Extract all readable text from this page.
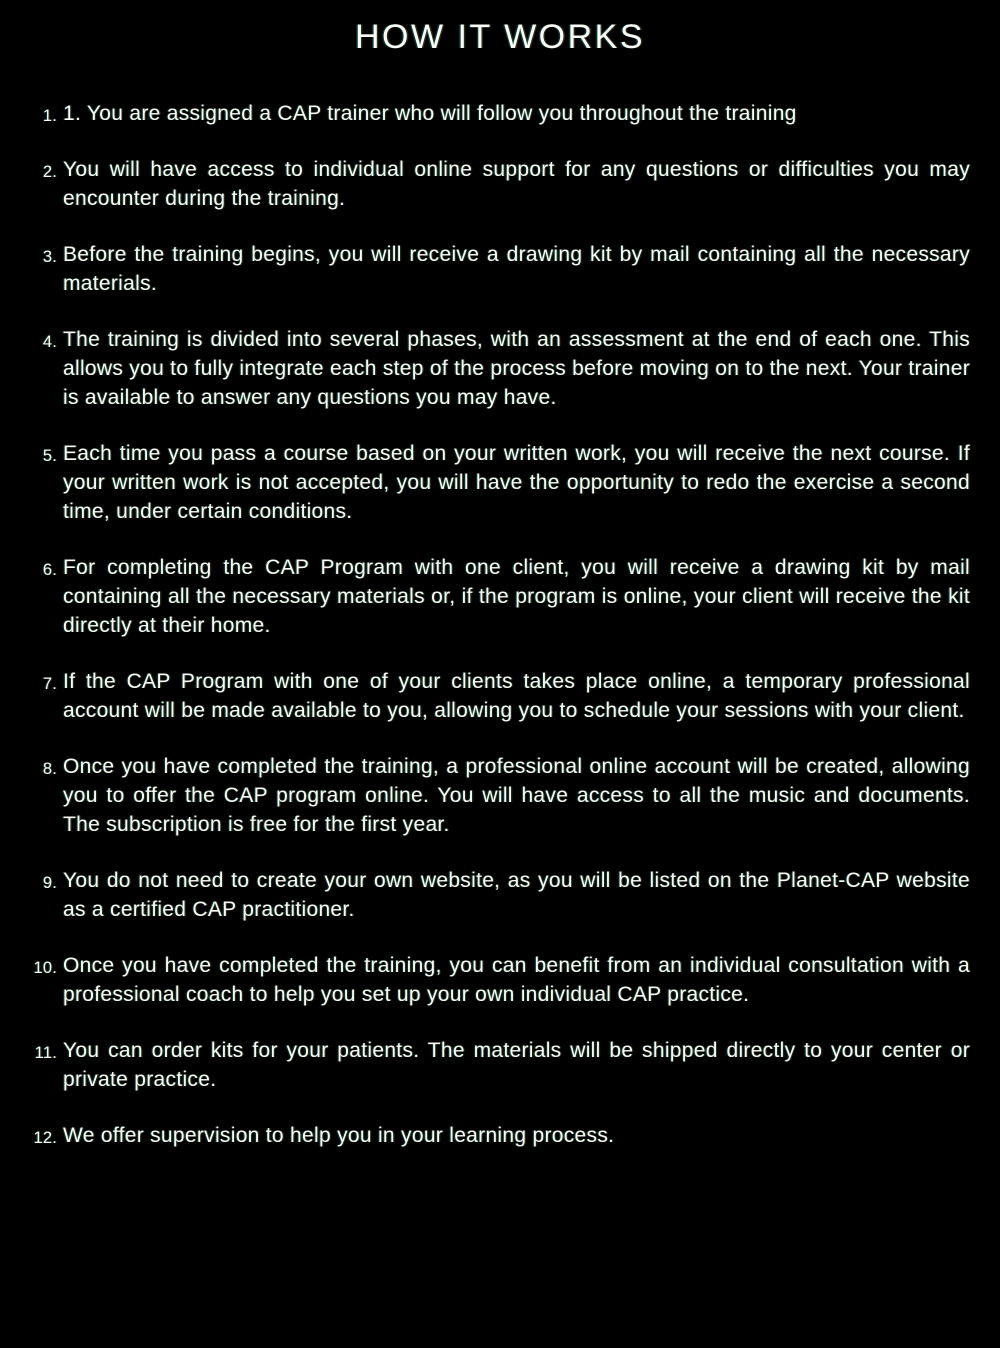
HOW IT WORKS
1. 1. You are assigned a CAP trainer who will follow you throughout the training
2. You will have access to individual online support for any questions or difficulties you may encounter during the training.
3. Before the training begins, you will receive a drawing kit by mail containing all the necessary materials.
4. The training is divided into several phases, with an assessment at the end of each one. This allows you to fully integrate each step of the process before moving on to the next. Your trainer is available to answer any questions you may have.
5. Each time you pass a course based on your written work, you will receive the next course. If your written work is not accepted, you will have the opportunity to redo the exercise a second time, under certain conditions.
6. For completing the CAP Program with one client, you will receive a drawing kit by mail containing all the necessary materials or, if the program is online, your client will receive the kit directly at their home.
7. If the CAP Program with one of your clients takes place online, a temporary professional account will be made available to you, allowing you to schedule your sessions with your client.
8. Once you have completed the training, a professional online account will be created, allowing you to offer the CAP program online. You will have access to all the music and documents. The subscription is free for the first year.
9. You do not need to create your own website, as you will be listed on the Planet-CAP website as a certified CAP practitioner.
10. Once you have completed the training, you can benefit from an individual consultation with a professional coach to help you set up your own individual CAP practice.
11. You can order kits for your patients. The materials will be shipped directly to your center or private practice.
12. We offer supervision to help you in your learning process.
